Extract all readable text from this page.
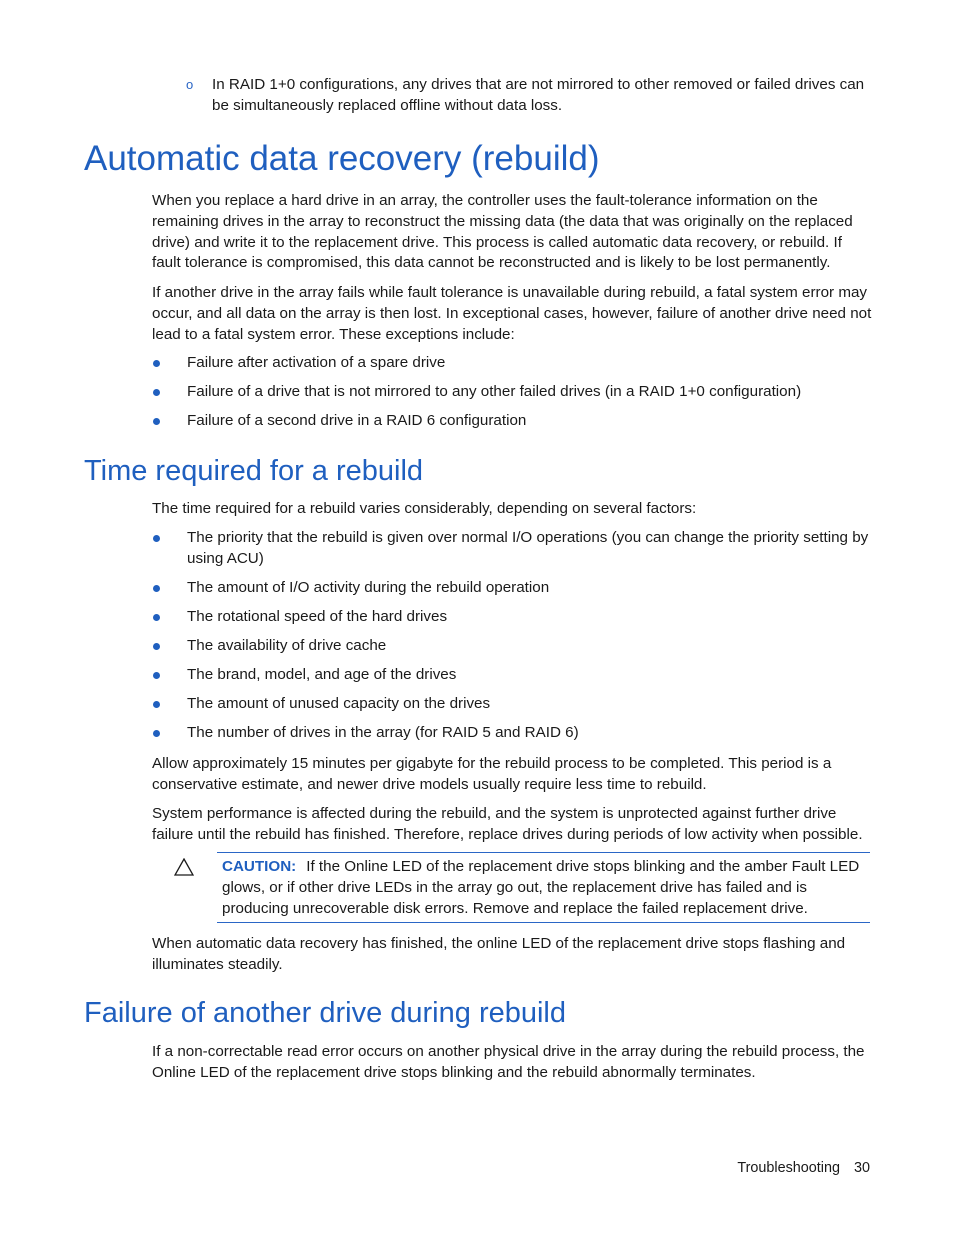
o In RAID 1+0 configurations, any drives that are not mirrored to other removed or failed drives can be simultaneously replaced offline without data loss.
Automatic data recovery (rebuild)

When you replace a hard drive in an array, the controller uses the fault-tolerance information on the remaining drives in the array to reconstruct the missing data (the data that was originally on the replaced drive) and write it to the replacement drive. This process is called automatic data recovery, or rebuild. If fault tolerance is compromised, this data cannot be reconstructed and is likely to be lost permanently.

If another drive in the array fails while fault tolerance is unavailable during rebuild, a fatal system error may occur, and all data on the array is then lost. In exceptional cases, however, failure of another drive need not lead to a fatal system error. These exceptions include:

Failure after activation of a spare drive
Failure of a drive that is not mirrored to any other failed drives (in a RAID 1+0 configuration)
Failure of a second drive in a RAID 6 configuration
Time required for a rebuild

The time required for a rebuild varies considerably, depending on several factors:

The priority that the rebuild is given over normal I/O operations (you can change the priority setting by using ACU)
The amount of I/O activity during the rebuild operation
The rotational speed of the hard drives
The availability of drive cache
The brand, model, and age of the drives
The amount of unused capacity on the drives
The number of drives in the array (for RAID 5 and RAID 6)

Allow approximately 15 minutes per gigabyte for the rebuild process to be completed. This period is a conservative estimate, and newer drive models usually require less time to rebuild.

System performance is affected during the rebuild, and the system is unprotected against further drive failure until the rebuild has finished. Therefore, replace drives during periods of low activity when possible.

CAUTION: If the Online LED of the replacement drive stops blinking and the amber Fault LED glows, or if other drive LEDs in the array go out, the replacement drive has failed and is producing unrecoverable disk errors. Remove and replace the failed replacement drive.

When automatic data recovery has finished, the online LED of the replacement drive stops flashing and illuminates steadily.

Failure of another drive during rebuild

If a non-correctable read error occurs on another physical drive in the array during the rebuild process, the Online LED of the replacement drive stops blinking and the rebuild abnormally terminates.

Troubleshooting 30
